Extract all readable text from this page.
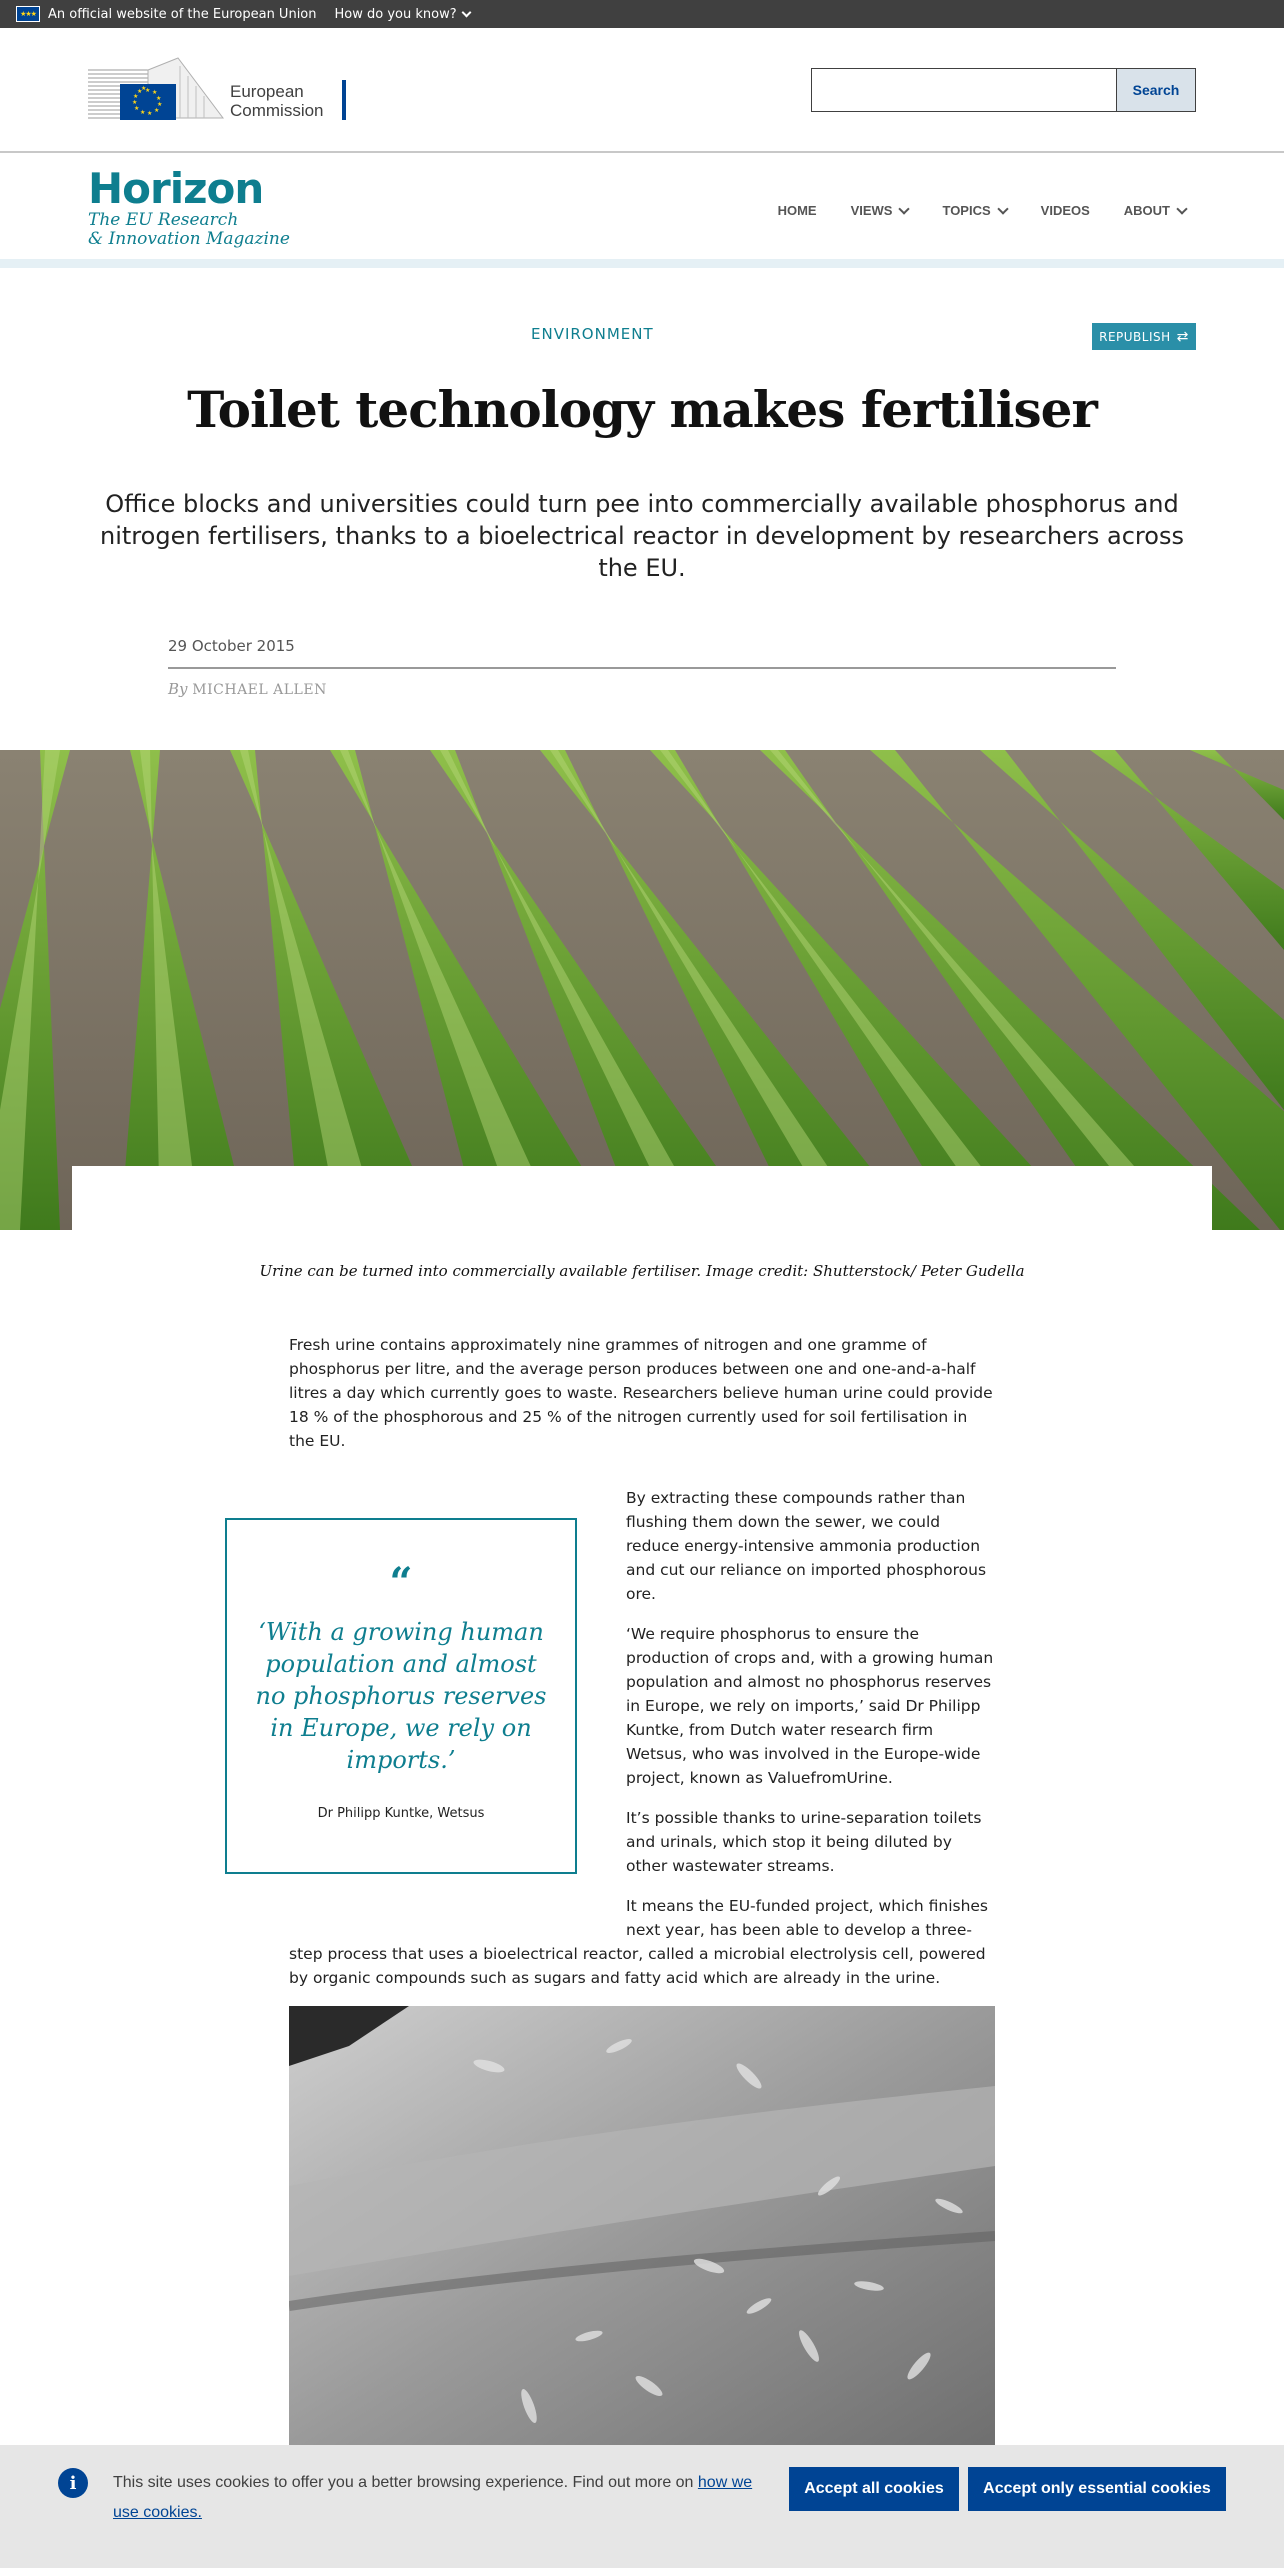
★★★ An official website of the European Union How do you know?
★ ★
★
★
★
★
★
★
★
★
★
★	European
Commission
Search
Horizon
The EU Research
& Innovation Magazine
HOME	VIEWS	TOPICS	VIDEOS	ABOUT
ENVIRONMENT	REPUBLISH ⇄
Toilet technology makes fertiliser

Office blocks and universities could turn pee into commercially available phosphorus and nitrogen fertilisers, thanks to a bioelectrical reactor in development by researchers across the EU.

29 October 2015
By MICHAEL ALLEN

Urine can be turned into commercially available fertiliser. Image credit: Shutterstock/ Peter Gudella

Fresh urine contains approximately nine grammes of nitrogen and one gramme of phosphorus per litre, and the average person produces between one and one-and-a-half litres a day which currently goes to waste. Researchers believe human urine could provide 18 % of the phosphorous and 25 % of the nitrogen currently used for soil fertilisation in the EU.

“
‘With a growing human population and almost no phosphorus reserves in Europe, we rely on imports.’
Dr Philipp Kuntke, Wetsus

By extracting these compounds rather than flushing them down the sewer, we could reduce energy-intensive ammonia production and cut our reliance on imported phosphorous ore.

‘We require phosphorus to ensure the production of crops and, with a growing human population and almost no phosphorus reserves in Europe, we rely on imports,’ said Dr Philipp Kuntke, from Dutch water research firm Wetsus, who was involved in the Europe-wide project, known as ValuefromUrine.

It’s possible thanks to urine-separation toilets and urinals, which stop it being diluted by other wastewater streams.

It means the EU-funded project, which finishes next year, has been able to develop a three-

step process that uses a bioelectrical reactor, called a microbial electrolysis cell, powered by organic compounds such as sugars and fatty acid which are already in the urine.

i	This site uses cookies to offer you a better browsing experience. Find out more on how we use cookies.
Accept all cookies	Accept only essential cookies
